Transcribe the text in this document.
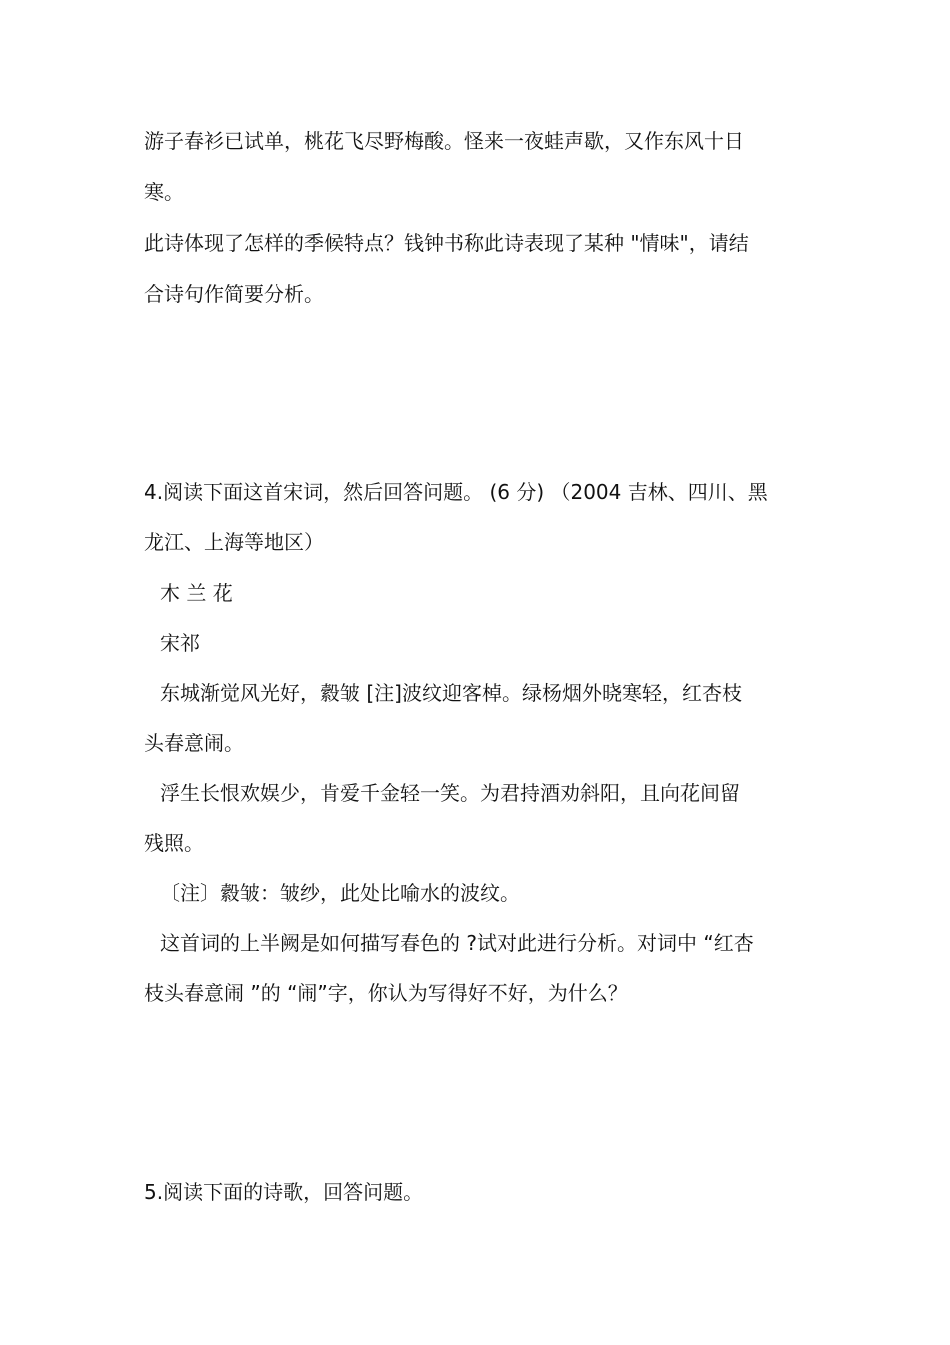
游子春衫已试单，桃花飞尽野梅酸。怪来一夜蛙声歇，又作东风十日

寒。

此诗体现了怎样的季候特点？钱钟书称此诗表现了某种 "情味"，请结

合诗句作简要分析。

4.阅读下面这首宋词，然后回答问题。 (6 分) （2004 吉林、四川、黑

龙江、上海等地区）

木 兰 花

宋祁

东城渐觉风光好，縠皱 [注]波纹迎客棹。绿杨烟外晓寒轻，红杏枝

头春意闹。

浮生长恨欢娱少，肯爱千金轻一笑。为君持酒劝斜阳，且向花间留

残照。

〔注〕縠皱：皱纱，此处比喻水的波纹。

这首词的上半阙是如何描写春色的 ?试对此进行分析。对词中 “红杏

枝头春意闹 ”的 “闹”字，你认为写得好不好，为什么？

5.阅读下面的诗歌，回答问题。
